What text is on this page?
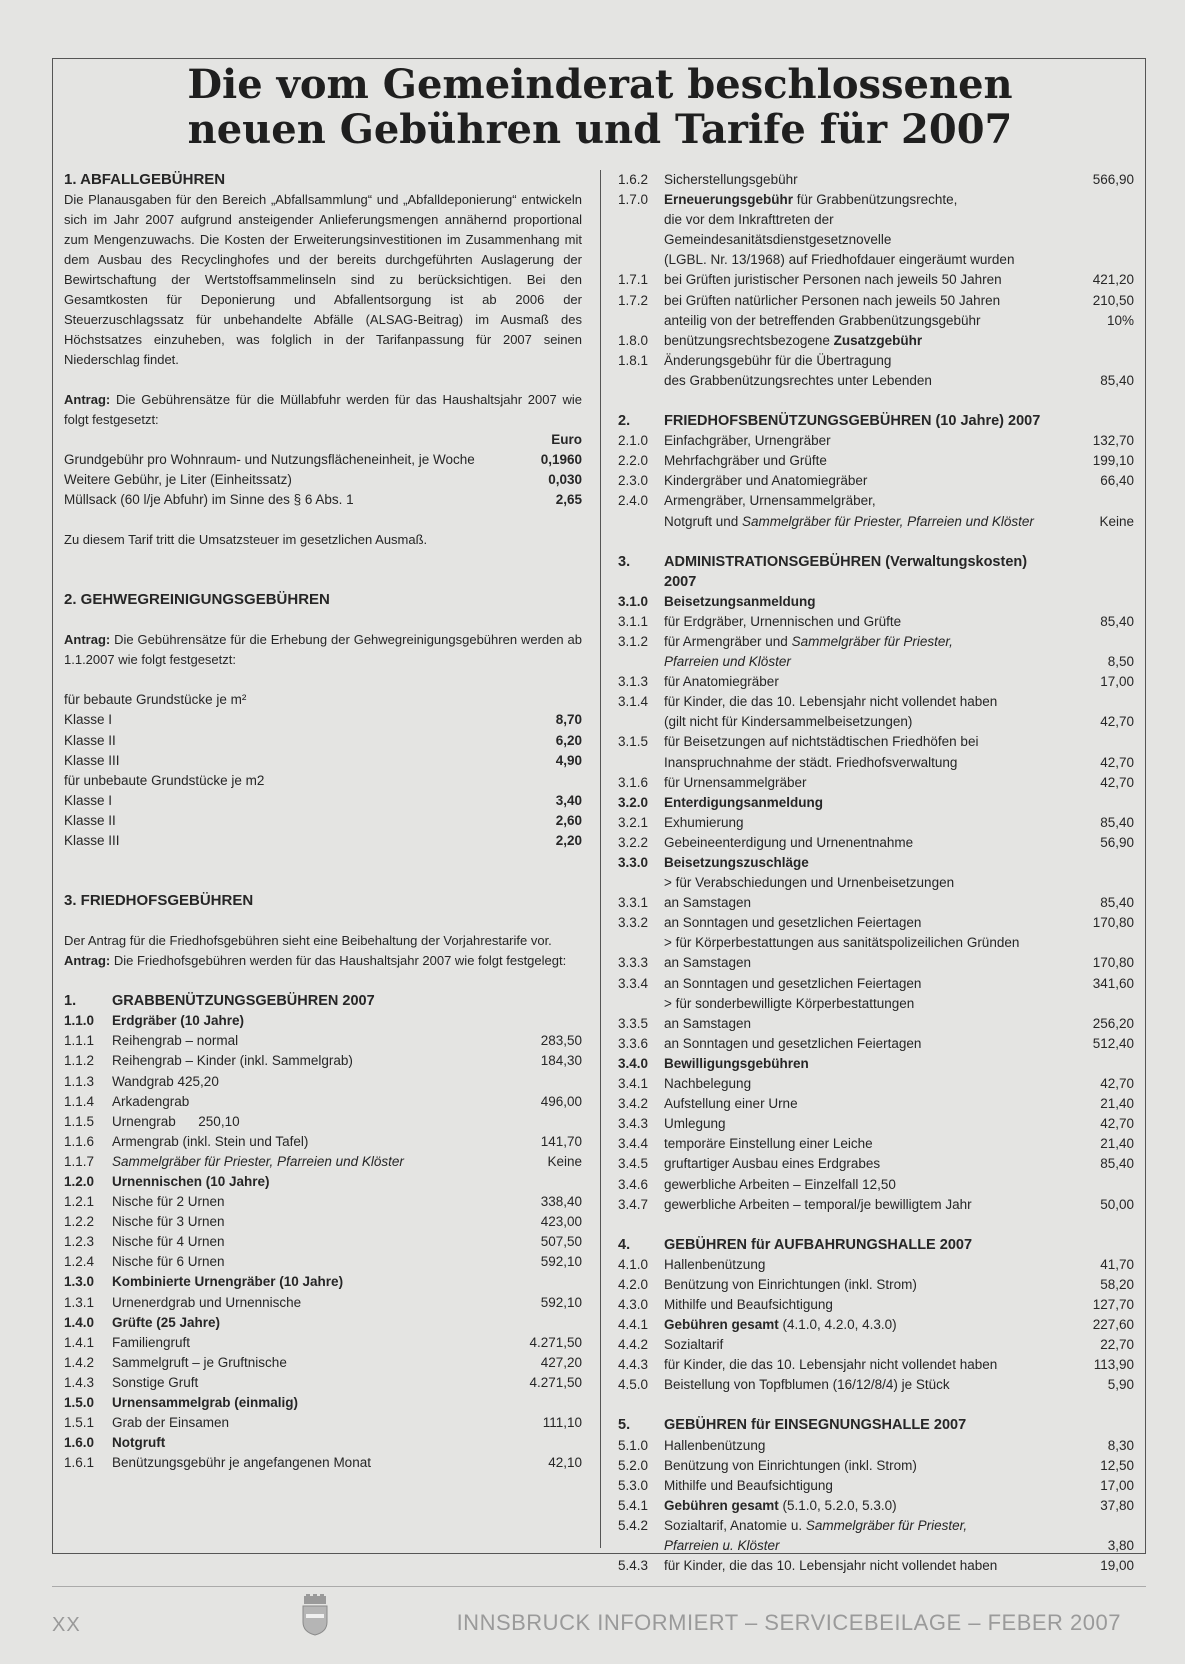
Die vom Gemeinderat beschlossenen
neuen Gebühren und Tarife für 2007
1. ABFALLGEBÜHREN
Die Planausgaben für den Bereich „Abfallsammlung“ und „Abfalldeponierung“ entwickeln sich im Jahr 2007 aufgrund ansteigender Anlieferungsmengen annähernd proportional zum Mengenzuwachs. Die Kosten der Erweiterungsinvestitionen im Zusammenhang mit dem Ausbau des Recyclinghofes und der bereits durchgeführten Auslagerung der Bewirtschaftung der Wertstoffsammelinseln sind zu berücksichtigen. Bei den Gesamtkosten für Deponierung und Abfallentsorgung ist ab 2006 der Steuerzuschlagssatz für unbehandelte Abfälle (ALSAG-Beitrag) im Ausmaß des Höchstsatzes einzuheben, was folglich in der Tarifanpassung für 2007 seinen Niederschlag findet.
Antrag: Die Gebührensätze für die Müllabfuhr werden für das Haushaltsjahr 2007 wie folgt festgesetzt:
Euro
Grundgebühr pro Wohnraum- und Nutzungsflächeneinheit, je Woche	0,1960
Weitere Gebühr, je Liter (Einheitssatz)	0,030
Müllsack (60 l/je Abfuhr) im Sinne des § 6 Abs. 1	2,65
Zu diesem Tarif tritt die Umsatzsteuer im gesetzlichen Ausmaß.
2. GEHWEGREINIGUNGSGEBÜHREN
Antrag: Die Gebührensätze für die Erhebung der Gehwegreinigungsgebühren werden ab 1.1.2007 wie folgt festgesetzt:
für bebaute Grundstücke je m²
Klasse I	8,70
Klasse II	6,20
Klasse III	4,90
für unbebaute Grundstücke je m2
Klasse I	3,40
Klasse II	2,60
Klasse III	2,20
3. FRIEDHOFSGEBÜHREN
Der Antrag für die Friedhofsgebühren sieht eine Beibehaltung der Vorjahrestarife vor.
Antrag: Die Friedhofsgebühren werden für das Haushaltsjahr 2007 wie folgt festgelegt:
1.	GRABBENÜTZUNGSGEBÜHREN 2007
1.1.0	Erdgräber (10 Jahre)
1.1.1	Reihengrab – normal	283,50
1.1.2	Reihengrab – Kinder (inkl. Sammelgrab)	184,30
1.1.3	Wandgrab 425,20
1.1.4	Arkadengrab	496,00
1.1.5	Urnengrab      250,10
1.1.6	Armengrab (inkl. Stein und Tafel)	141,70
1.1.7	Sammelgräber für Priester, Pfarreien und Klöster	Keine
1.2.0	Urnennischen (10 Jahre)
1.2.1	Nische für 2 Urnen	338,40
1.2.2	Nische für 3 Urnen	423,00
1.2.3	Nische für 4 Urnen	507,50
1.2.4	Nische für 6 Urnen	592,10
1.3.0	Kombinierte Urnengräber (10 Jahre)
1.3.1	Urnenerdgrab und Urnennische	592,10
1.4.0	Grüfte (25 Jahre)
1.4.1	Familiengruft	4.271,50
1.4.2	Sammelgruft – je Gruftnische	427,20
1.4.3	Sonstige Gruft	4.271,50
1.5.0	Urnensammelgrab (einmalig)
1.5.1	Grab der Einsamen	111,10
1.6.0	Notgruft
1.6.1	Benützungsgebühr je angefangenen Monat	42,10
1.6.2	Sicherstellungsgebühr	566,90
1.7.0	Erneuerungsgebühr für Grabbenützungsrechte,
die vor dem Inkrafttreten der Gemeindesanitätsdienstgesetznovelle
(LGBL. Nr. 13/1968) auf Friedhofdauer eingeräumt wurden
1.7.1	bei Grüften juristischer Personen nach jeweils 50 Jahren	421,20
1.7.2	bei Grüften natürlicher Personen nach jeweils 50 Jahren	210,50
anteilig von der betreffenden Grabbenützungsgebühr	10%
1.8.0	benützungsrechtsbezogene Zusatzgebühr
1.8.1	Änderungsgebühr für die Übertragung
des Grabbenützungsrechtes unter Lebenden	85,40
2.	FRIEDHOFSBENÜTZUNGSGEBÜHREN (10 Jahre) 2007
2.1.0	Einfachgräber, Urnengräber	132,70
2.2.0	Mehrfachgräber und Grüfte	199,10
2.3.0	Kindergräber und Anatomiegräber	66,40
2.4.0	Armengräber, Urnensammelgräber,
Notgruft und Sammelgräber für Priester, Pfarreien und Klöster	Keine
3.	ADMINISTRATIONSGEBÜHREN (Verwaltungskosten) 2007
3.1.0	Beisetzungsanmeldung
3.1.1	für Erdgräber, Urnennischen und Grüfte	85,40
3.1.2	für Armengräber und Sammelgräber für Priester,
Pfarreien und Klöster	8,50
3.1.3	für Anatomiegräber	17,00
3.1.4	für Kinder, die das 10. Lebensjahr nicht vollendet haben
(gilt nicht für Kindersammelbeisetzungen)	42,70
3.1.5	für Beisetzungen auf nichtstädtischen Friedhöfen bei
Inanspruchnahme der städt. Friedhofsverwaltung	42,70
3.1.6	für Urnensammelgräber	42,70
3.2.0	Enterdigungsanmeldung
3.2.1	Exhumierung	85,40
3.2.2	Gebeineenterdigung und Urnenentnahme	56,90
3.3.0	Beisetzungszuschläge
> für Verabschiedungen und Urnenbeisetzungen
3.3.1	an Samstagen	85,40
3.3.2	an Sonntagen und gesetzlichen Feiertagen	170,80
> für Körperbestattungen aus sanitätspolizeilichen Gründen
3.3.3	an Samstagen	170,80
3.3.4	an Sonntagen und gesetzlichen Feiertagen	341,60
> für sonderbewilligte Körperbestattungen
3.3.5	an Samstagen	256,20
3.3.6	an Sonntagen und gesetzlichen Feiertagen	512,40
3.4.0	Bewilligungsgebühren
3.4.1	Nachbelegung	42,70
3.4.2	Aufstellung einer Urne	21,40
3.4.3	Umlegung	42,70
3.4.4	temporäre Einstellung einer Leiche	21,40
3.4.5	gruftartiger Ausbau eines Erdgrabes	85,40
3.4.6	gewerbliche Arbeiten – Einzelfall 12,50
3.4.7	gewerbliche Arbeiten – temporal/je bewilligtem Jahr	50,00
4.	GEBÜHREN für AUFBAHRUNGSHALLE 2007
4.1.0	Hallenbenützung	41,70
4.2.0	Benützung von Einrichtungen (inkl. Strom)	58,20
4.3.0	Mithilfe und Beaufsichtigung	127,70
4.4.1	Gebühren gesamt (4.1.0, 4.2.0, 4.3.0)	227,60
4.4.2	Sozialtarif	22,70
4.4.3	für Kinder, die das 10. Lebensjahr nicht vollendet haben	113,90
4.5.0	Beistellung von Topfblumen (16/12/8/4) je Stück	5,90
5.	GEBÜHREN für EINSEGNUNGSHALLE 2007
5.1.0	Hallenbenützung	8,30
5.2.0	Benützung von Einrichtungen (inkl. Strom)	12,50
5.3.0	Mithilfe und Beaufsichtigung	17,00
5.4.1	Gebühren gesamt (5.1.0, 5.2.0, 5.3.0)	37,80
5.4.2	Sozialtarif, Anatomie u. Sammelgräber für Priester,
Pfarreien u. Klöster	3,80
5.4.3	für Kinder, die das 10. Lebensjahr nicht vollendet haben	19,00
XX	INNSBRUCK INFORMIERT – SERVICEBEILAGE – FEBER 2007
